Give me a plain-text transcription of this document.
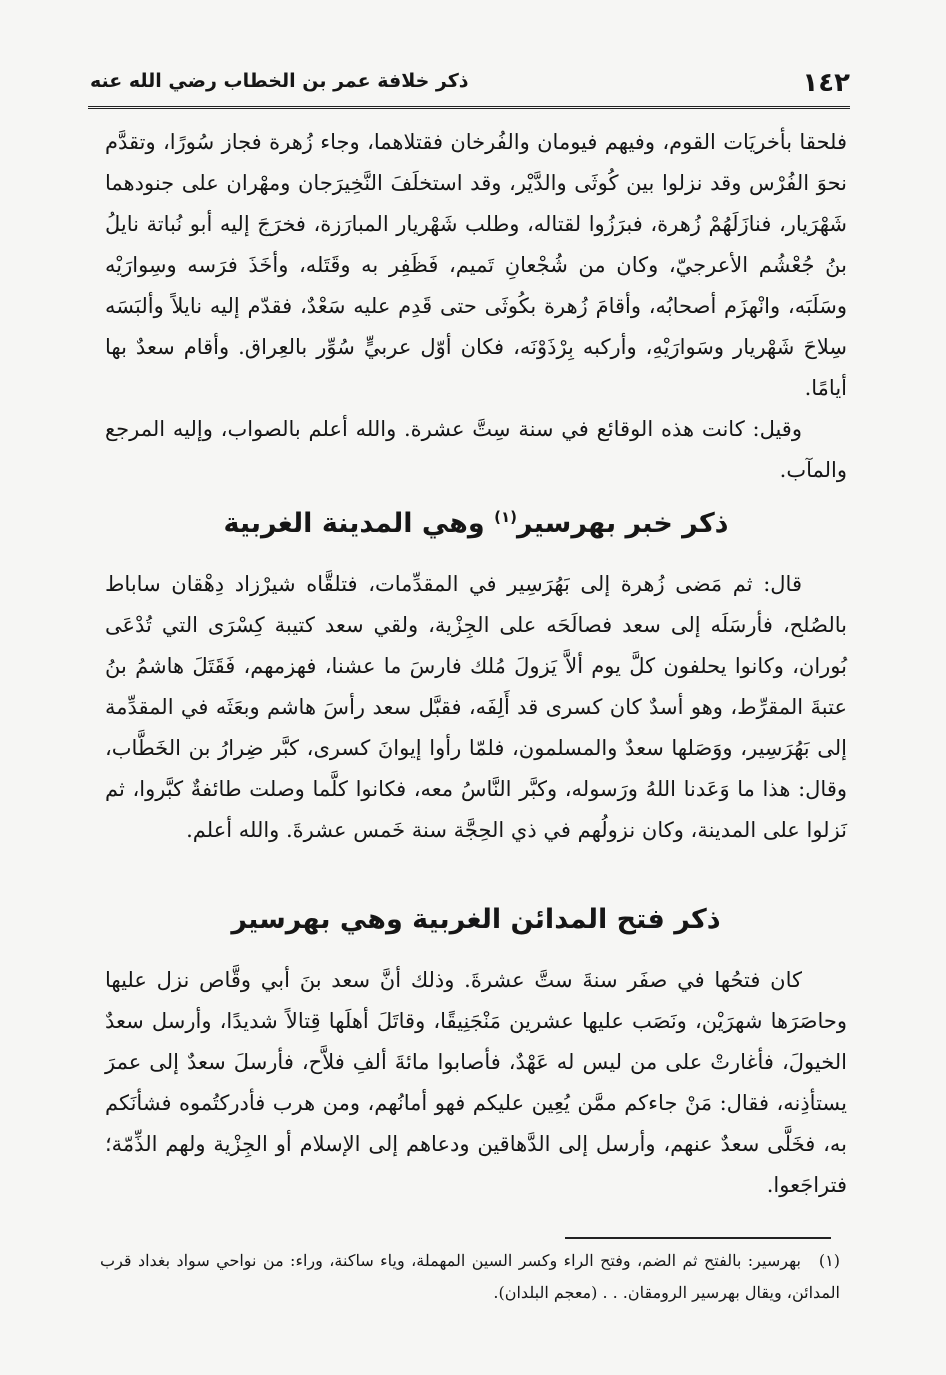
ذكر خلافة عمر بن الخطاب رضي الله عنه	١٤٢

فلحقا بأخريَات القوم، وفيهم فيومان والفُرخان فقتلاهما، وجاء زُهرة فجاز سُورًا، وتقدَّم نحوَ الفُرْس وقد نزلوا بين كُوثَى والدَّيْر، وقد استخلَفَ النَّخِيرَجان ومهْران على جنودهما شَهْرَيار، فنازَلَهُمْ زُهرة، فبرَزُوا لقتاله، وطلب شَهْريار المبارَزة، فخرَجَ إليه أبو نُباتة نايلُ بنُ جُعْشُم الأعرجيّ، وكان من شُجْعانِ تَميم، فَظَفِر به وقَتَله، وأخَذَ فرَسه وسِوارَيْه وسَلَبَه، وانْهزَم أصحابُه، وأقامَ زُهرة بكُوثَى حتى قَدِم عليه سَعْدٌ، فقدّم إليه نايلاً وألبَسَه سِلاحَ شَهْريار وسَوارَيْهِ، وأركبه بِرْذَوْنَه، فكان أوّل عربيٍّ سُوِّر بالعِراق. وأقام سعدٌ بها أيامًا.

وقيل: كانت هذه الوقائع في سنة سِتَّ عشرة. والله أعلم بالصواب، وإليه المرجع والمآب.

ذكر خبر بهرسير$^{(١)}$ وهي المدينة الغربية

قال: ثم مَضى زُهرة إلى بَهُرَسِير في المقدِّمات، فتلقَّاه شيرْزاد دِهْقان ساباط بالصُلح، فأرسَلَه إلى سعد فصالَحَه على الجِزْية، ولقي سعد كتيبة كِسْرَى التي تُدْعَى بُوران، وكانوا يحلفون كلَّ يوم ألاَّ يَزولَ مُلك فارسَ ما عشنا، فهزمهم، فَقَتَلَ هاشمُ بنُ عتبةَ المقرِّط، وهو أسدٌ كان كسرى قد أَلِفَه، فقبَّل سعد رأسَ هاشم وبعَثَه في المقدِّمة إلى بَهُرَسِير، ووَصَلها سعدٌ والمسلمون، فلمّا رأوا إيوانَ كسرى، كبَّر ضِرارُ بن الخَطَّاب، وقال: هذا ما وَعَدنا اللهُ ورَسوله، وكبَّر النَّاسُ معه، فكانوا كلَّما وصلت طائفةٌ كبَّروا، ثم نَزلوا على المدينة، وكان نزولُهم في ذي الحِجَّة سنة خَمس عشرةَ. والله أعلم.

ذكر فتح المدائن الغربية وهي بهرسير

كان فتحُها في صفَر سنةَ ستَّ عشرةَ. وذلك أنَّ سعد بنَ أبي وقَّاص نزل عليها وحاصَرَها شهرَيْن، ونَصَب عليها عشرين مَنْجَنِيقًا، وقاتَلَ أهلَها قِتالاً شديدًا، وأرسل سعدٌ الخيولَ، فأغارتْ على من ليس له عَهْدٌ، فأصابوا مائةَ ألفِ فلاَّح، فأرسلَ سعدٌ إلى عمرَ يستأذِنه، فقال: مَنْ جاءكم ممَّن يُعِين عليكم فهو أمانُهم، ومن هرب فأدركتُموه فشأنَكم به، فخَلَّى سعدٌ عنهم، وأرسل إلى الدَّهاقين ودعاهم إلى الإسلام أو الجِزْية ولهم الذِّمّة؛ فتراجَعوا.

(١)بهرسير: بالفتح ثم الضم، وفتح الراء وكسر السين المهملة، وياء ساكنة، وراء: من نواحي سواد بغداد قرب المدائن، ويقال بهرسير الرومقان. . . (معجم البلدان).
